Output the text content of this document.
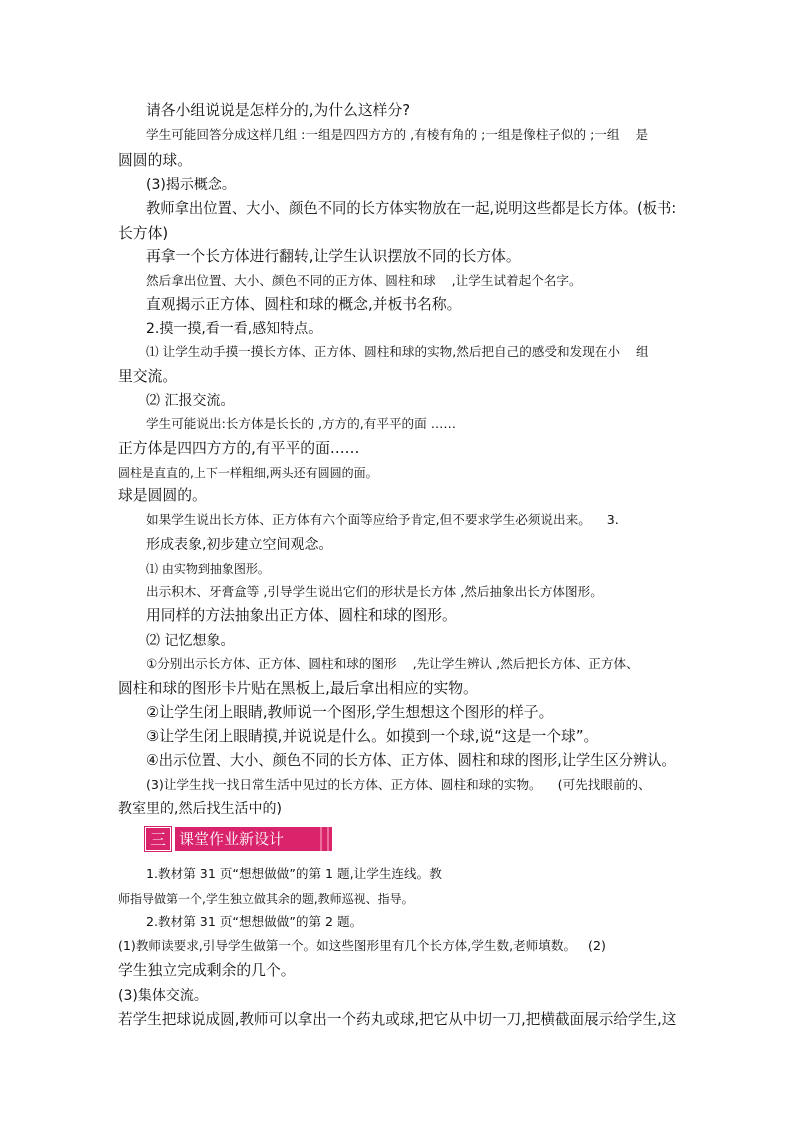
请各小组说说是怎样分的,为什么这样分?
学生可能回答分成这样几组 :一组是四四方方的 ,有棱有角的 ;一组是像柱子似的 ;一组    是
圆圆的球。
(3)揭示概念。
教师拿出位置、大小、颜色不同的长方体实物放在一起,说明这些都是长方体。(板书:
长方体)
再拿一个长方体进行翻转,让学生认识摆放不同的长方体。
然后拿出位置、大小、颜色不同的正方体、圆柱和球    ,让学生试着起个名字。
直观揭示正方体、圆柱和球的概念,并板书名称。
2.摸一摸,看一看,感知特点。
⑴ 让学生动手摸一摸长方体、正方体、圆柱和球的实物,然后把自己的感受和发现在小    组
里交流。
⑵ 汇报交流。
学生可能说出:长方体是长长的 ,方方的,有平平的面 ……
正方体是四四方方的,有平平的面……
圆柱是直直的,上下一样粗细,两头还有圆圆的面。
球是圆圆的。
如果学生说出长方体、正方体有六个面等应给予肯定,但不要求学生必须说出来。    3.
形成表象,初步建立空间观念。
⑴ 由实物到抽象图形。
出示积木、牙膏盒等 ,引导学生说出它们的形状是长方体 ,然后抽象出长方体图形。
用同样的方法抽象出正方体、圆柱和球的图形。
⑵ 记忆想象。
①分别出示长方体、正方体、圆柱和球的图形    ,先让学生辨认 ,然后把长方体、正方体、
圆柱和球的图形卡片贴在黑板上,最后拿出相应的实物。
②让学生闭上眼睛,教师说一个图形,学生想想这个图形的样子。
③让学生闭上眼睛摸,并说说是什么。如摸到一个球,说“这是一个球”。
④出示位置、大小、颜色不同的长方体、正方体、圆柱和球的图形,让学生区分辨认。
(3)让学生找一找日常生活中见过的长方体、正方体、圆柱和球的实物。    (可先找眼前的、
教室里的,然后找生活中的)
三 课堂作业新设计
1.教材第 31 页“想想做做”的第 1 题,让学生连线。教
师指导做第一个,学生独立做其余的题,教师巡视、指导。
2.教材第 31 页“想想做做”的第 2 题。
(1)教师读要求,引导学生做第一个。如这些图形里有几个长方体,学生数,老师填数。   (2)
学生独立完成剩余的几个。
(3)集体交流。
若学生把球说成圆,教师可以拿出一个药丸或球,把它从中切一刀,把横截面展示给学生,这
